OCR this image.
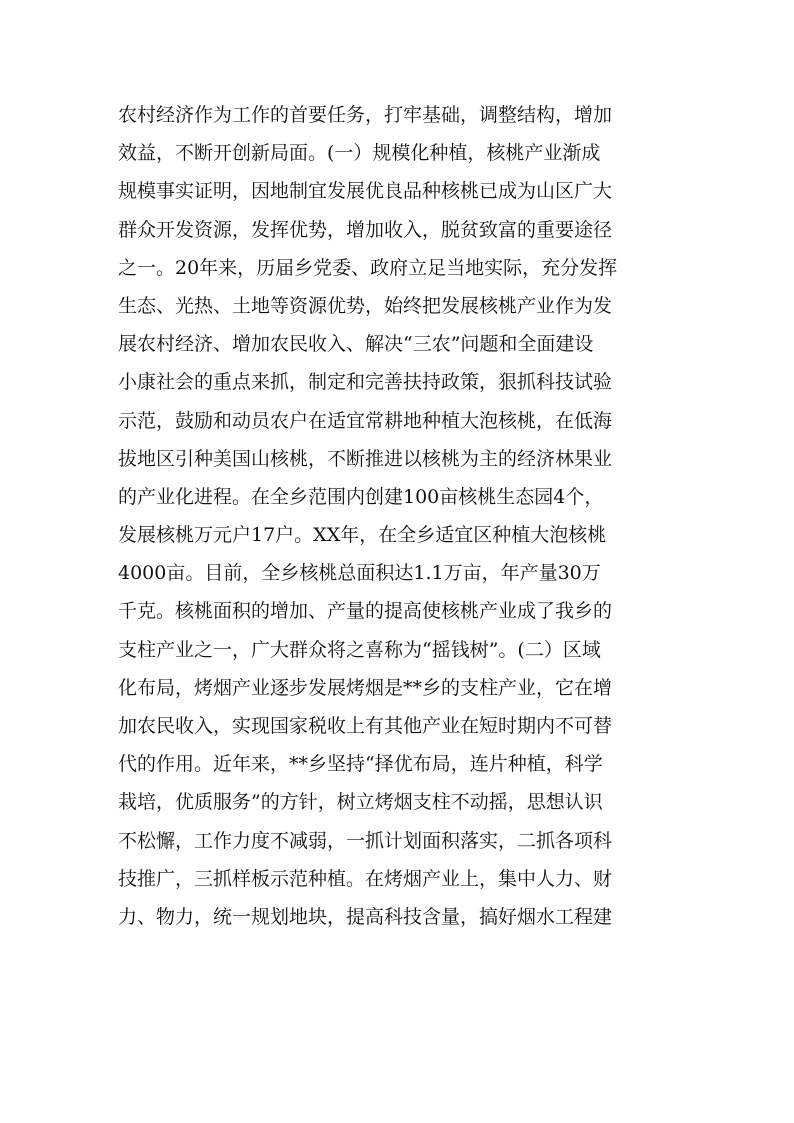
农村经济作为工作的首要任务，打牢基础，调整结构，增加
效益，不断开创新局面。(一）规模化种植，核桃产业渐成
规模事实证明，因地制宜发展优良品种核桃已成为山区广大
群众开发资源，发挥优势，增加收入，脱贫致富的重要途径
之一。20年来，历届乡党委、政府立足当地实际，充分发挥
生态、光热、土地等资源优势，始终把发展核桃产业作为发
展农村经济、增加农民收入、解决“三农”问题和全面建设
小康社会的重点来抓，制定和完善扶持政策，狠抓科技试验
示范，鼓励和动员农户在适宜常耕地种植大泡核桃，在低海
拔地区引种美国山核桃，不断推进以核桃为主的经济林果业
的产业化进程。在全乡范围内创建100亩核桃生态园4个，
发展核桃万元户17户。XX年，在全乡适宜区种植大泡核桃
4000亩。目前，全乡核桃总面积达1.1万亩，年产量30万
千克。核桃面积的增加、产量的提高使核桃产业成了我乡的
支柱产业之一，广大群众将之喜称为“摇钱树”。(二）区域
化布局，烤烟产业逐步发展烤烟是**乡的支柱产业，它在增
加农民收入，实现国家税收上有其他产业在短时期内不可替
代的作用。近年来，**乡坚持“择优布局，连片种植，科学
栽培，优质服务”的方针，树立烤烟支柱不动摇，思想认识
不松懈，工作力度不减弱，一抓计划面积落实，二抓各项科
技推广，三抓样板示范种植。在烤烟产业上，集中人力、财
力、物力，统一规划地块，提高科技含量，搞好烟水工程建
